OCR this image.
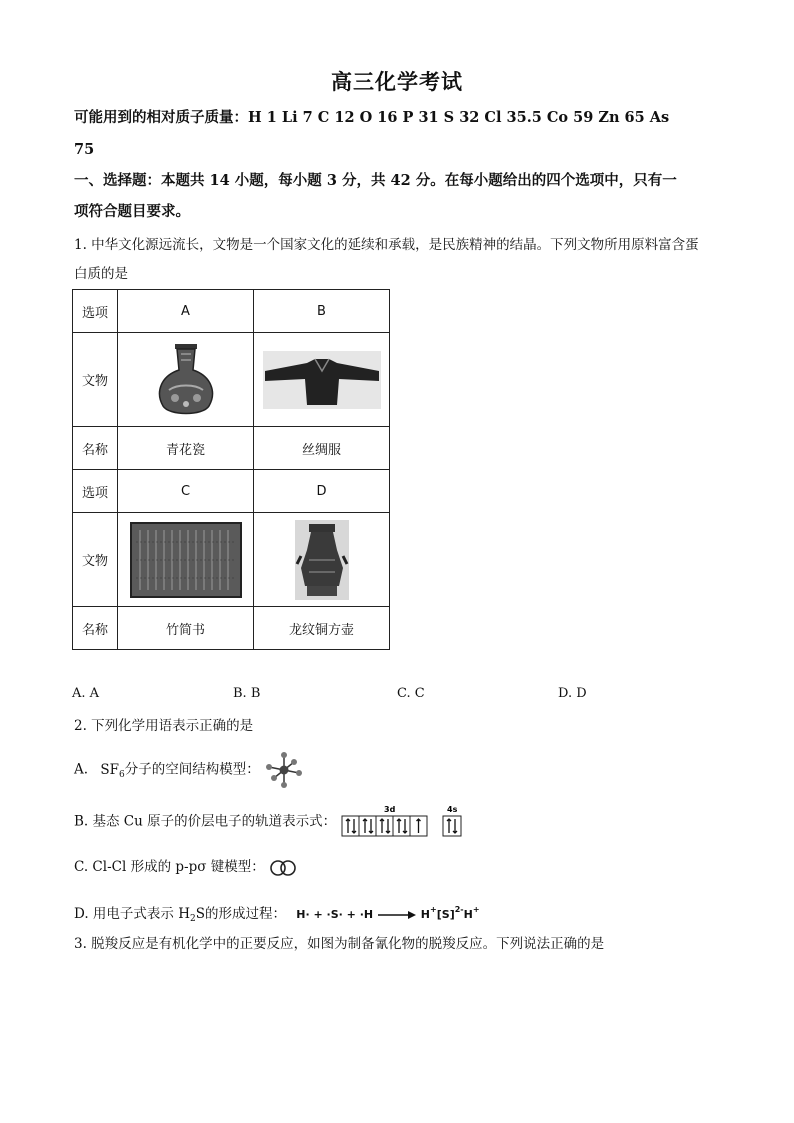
高三化学考试
可能用到的相对质子质量：H 1 Li 7 C 12 O 16 P 31 S 32 Cl 35.5 Co 59 Zn 65 As
75
一、选择题：本题共 14 小题，每小题 3 分，共 42 分。在每小题给出的四个选项中，只有一
项符合题目要求。
1. 中华文化源远流长，文物是一个国家文化的延续和承载，是民族精神的结晶。下列文物所用原料富含蛋
白质的是
选项	A	B
文物	

名称	青花瓷	丝绸服
选项	C	D
文物	

名称	竹简书	龙纹铜方壶
A. A	B. B	C. C	D. D
2. 下列化学用语表示正确的是
A. $SF_6$分子的空间结构模型：
B. 基态 Cu 原子的价层电子的轨道表示式：
3d	4s
C. Cl-Cl 形成的 p-pσ 键模型：
D. 用电子式表示 $H_2S$的形成过程： $H\cdot + \cdot S\cdot + \cdot H \to H^+[S]^{2-}H^+$
3. 脱羧反应是有机化学中的正要反应，如图为制备氰化物的脱羧反应。下列说法正确的是
